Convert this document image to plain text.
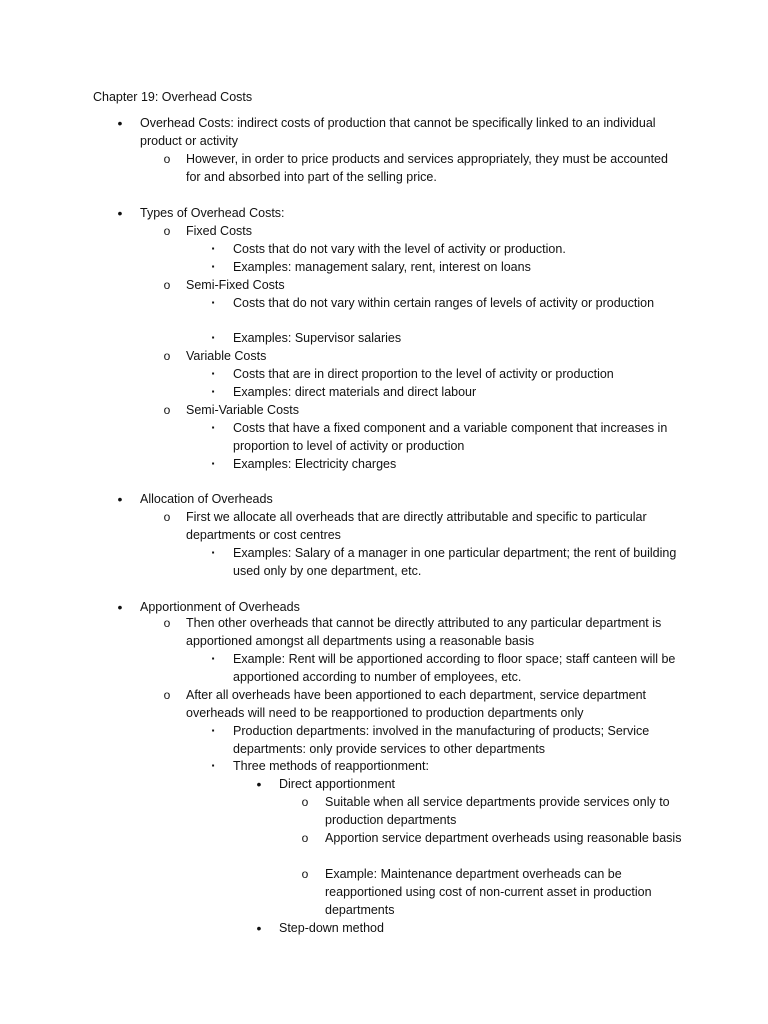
Chapter 19: Overhead Costs
•	Overhead Costs: indirect costs of production that cannot be specifically linked to an individual product or activity
o	However, in order to price products and services appropriately, they must be accounted for and absorbed into part of the selling price.
•	Types of Overhead Costs:
o	Fixed Costs
▪	Costs that do not vary with the level of activity or production.
▪	Examples: management salary, rent, interest on loans
o	Semi-Fixed Costs
▪	Costs that do not vary within certain ranges of levels of activity or production
▪	Examples: Supervisor salaries
o	Variable Costs
▪	Costs that are in direct proportion to the level of activity or production
▪	Examples: direct materials and direct labour
o	Semi-Variable Costs
▪	Costs that have a fixed component and a variable component that increases in proportion to level of activity or production
▪	Examples: Electricity charges
•	Allocation of Overheads
o	First we allocate all overheads that are directly attributable and specific to particular departments or cost centres
▪	Examples: Salary of a manager in one particular department; the rent of building used only by one department, etc.
•	Apportionment of Overheads
o	Then other overheads that cannot be directly attributed to any particular department is apportioned amongst all departments using a reasonable basis
▪	Example: Rent will be apportioned according to floor space; staff canteen will be apportioned according to number of employees, etc.
o	After all overheads have been apportioned to each department, service department overheads will need to be reapportioned to production departments only
▪	Production departments: involved in the manufacturing of products; Service departments: only provide services to other departments
▪	Three methods of reapportionment:
•	Direct apportionment
o	Suitable when all service departments provide services only to production departments
o	Apportion service department overheads using reasonable basis
o	Example: Maintenance department overheads can be reapportioned using cost of non-current asset in production departments
•	Step-down method
